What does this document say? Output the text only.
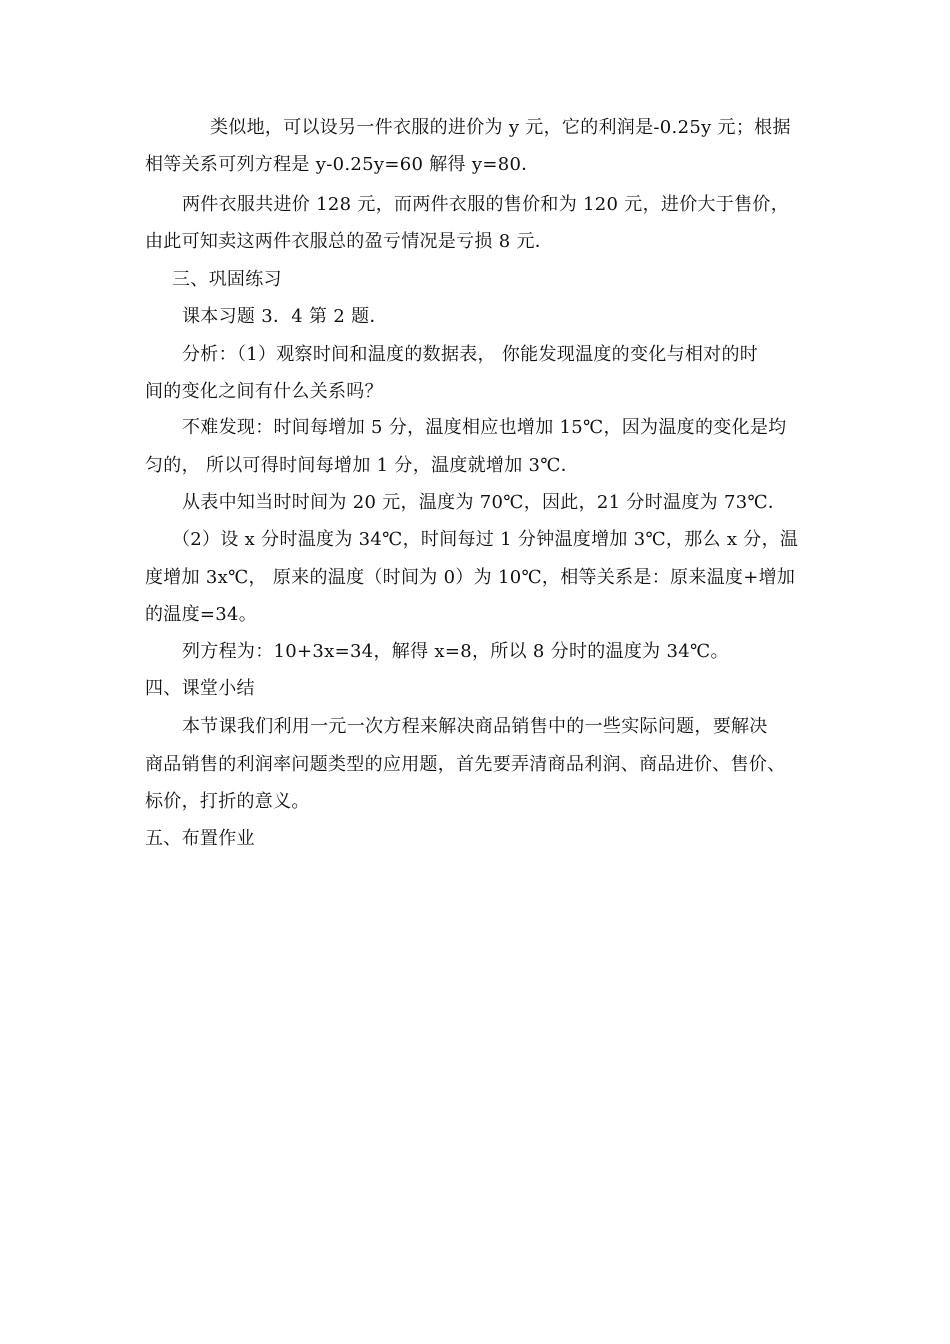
类似地，可以设另一件衣服的进价为 y 元，它的利润是-0.25y 元；根据
相等关系可列方程是 y-0.25y=60 解得 y=80．
两件衣服共进价 128 元，而两件衣服的售价和为 120 元，进价大于售价，
由此可知卖这两件衣服总的盈亏情况是亏损 8 元．
三、巩固练习
课本习题 3．4 第 2 题．
分析：（1）观察时间和温度的数据表， 你能发现温度的变化与相对的时
间的变化之间有什么关系吗？
不难发现：时间每增加 5 分，温度相应也增加 15℃，因为温度的变化是均
匀的， 所以可得时间每增加 1 分，温度就增加 3℃．
从表中知当时时间为 20 元，温度为 70℃，因此，21 分时温度为 73℃．
（2）设 x 分时温度为 34℃，时间每过 1 分钟温度增加 3℃，那么 x 分，温
度增加 3x℃， 原来的温度（时间为 0）为 10℃，相等关系是：原来温度+增加
的温度=34。
列方程为：10+3x=34，解得 x=8，所以 8 分时的温度为 34℃。
四、课堂小结
本节课我们利用一元一次方程来解决商品销售中的一些实际问题，要解决
商品销售的利润率问题类型的应用题，首先要弄清商品利润、商品进价、售价、
标价，打折的意义。
五、布置作业
